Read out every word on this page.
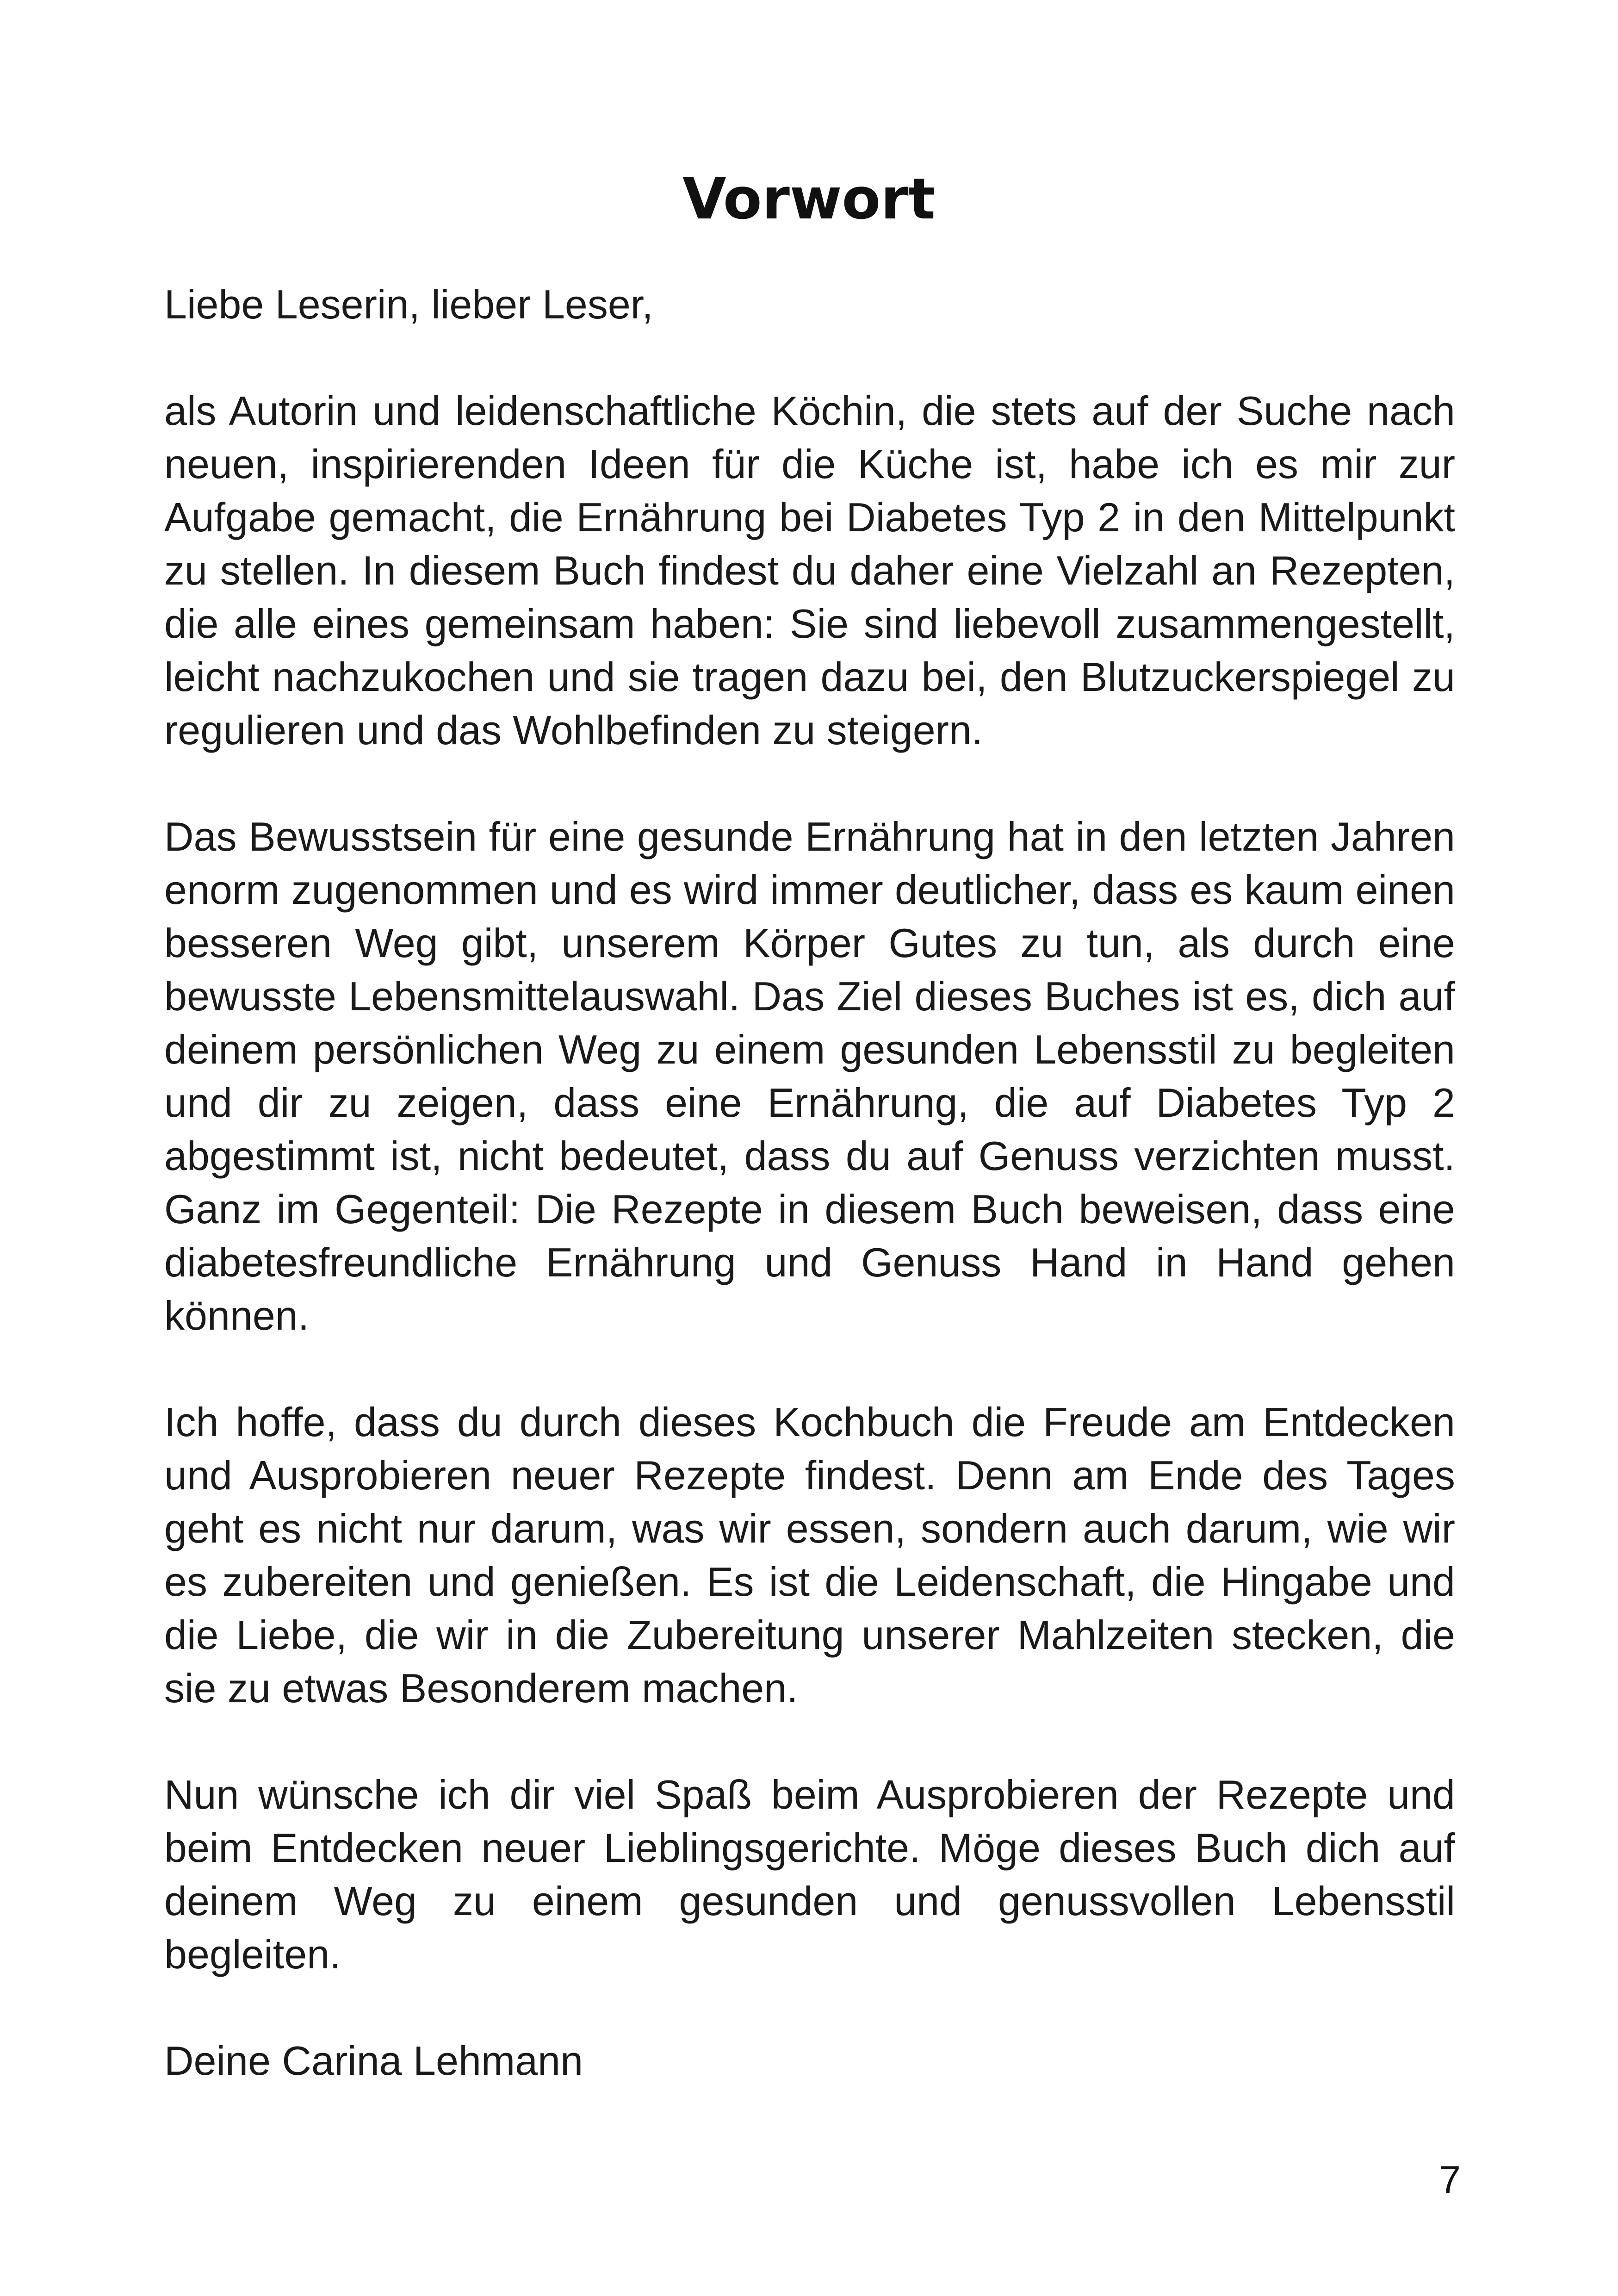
Vorwort

Liebe Leserin, lieber Leser,

als Autorin und leidenschaftliche Köchin, die stets auf der Suche nach neuen, inspirierenden Ideen für die Küche ist, habe ich es mir zur Aufgabe gemacht, die Ernährung bei Diabetes Typ 2 in den Mittelpunkt zu stellen. In diesem Buch findest du daher eine Vielzahl an Rezepten, die alle eines gemeinsam haben: Sie sind liebevoll zusammengestellt, leicht nachzukochen und sie tragen dazu bei, den Blutzuckerspiegel zu regulieren und das Wohlbefinden zu steigern.

Das Bewusstsein für eine gesunde Ernährung hat in den letzten Jahren enorm zugenommen und es wird immer deutlicher, dass es kaum einen besseren Weg gibt, unserem Körper Gutes zu tun, als durch eine bewusste Lebensmittelauswahl. Das Ziel dieses Buches ist es, dich auf deinem persönlichen Weg zu einem gesunden Lebensstil zu begleiten und dir zu zeigen, dass eine Ernährung, die auf Diabetes Typ 2 abgestimmt ist, nicht bedeutet, dass du auf Genuss verzichten musst. Ganz im Gegenteil: Die Rezepte in diesem Buch beweisen, dass eine diabetesfreundliche Ernährung und Genuss Hand in Hand gehen können.

Ich hoffe, dass du durch dieses Kochbuch die Freude am Entdecken und Ausprobieren neuer Rezepte findest. Denn am Ende des Tages geht es nicht nur darum, was wir essen, sondern auch darum, wie wir es zubereiten und genießen. Es ist die Leidenschaft, die Hingabe und die Liebe, die wir in die Zubereitung unserer Mahlzeiten stecken, die sie zu etwas Besonderem machen.

Nun wünsche ich dir viel Spaß beim Ausprobieren der Rezepte und beim Entdecken neuer Lieblingsgerichte. Möge dieses Buch dich auf deinem Weg zu einem gesunden und genussvollen Lebensstil begleiten.

Deine Carina Lehmann

7
